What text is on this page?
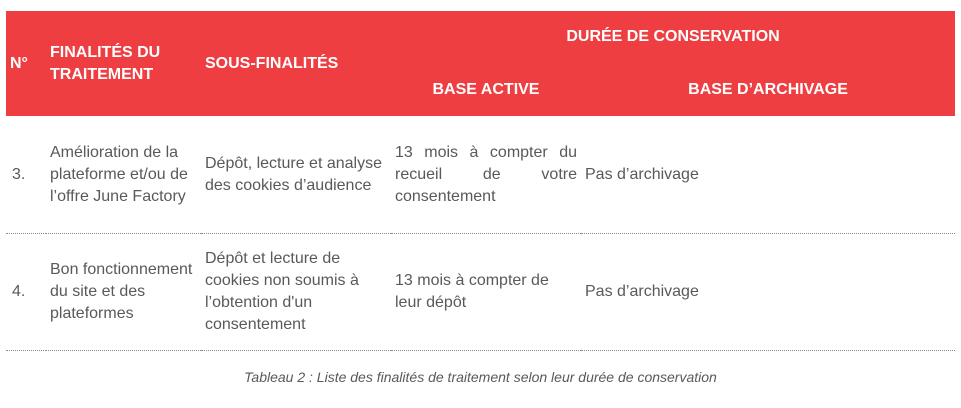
N°	FINALITÉS DU TRAITEMENT	SOUS-FINALITÉS	DURÉE DE CONSERVATION	
			BASE ACTIVE	BASE D’ARCHIVAGE
3.	Amélioration de la plateforme et/ou de l’offre June Factory	Dépôt, lecture et analyse des cookies d’audience	13 mois à compter du recueil de votre consentement	Pas d’archivage
4.	Bon fonctionnement du site et des plateformes	Dépôt et lecture de cookies non soumis à l’obtention d'un consentement	13 mois à compter de leur dépôt	Pas d’archivage
Tableau 2 : Liste des finalités de traitement selon leur durée de conservation
